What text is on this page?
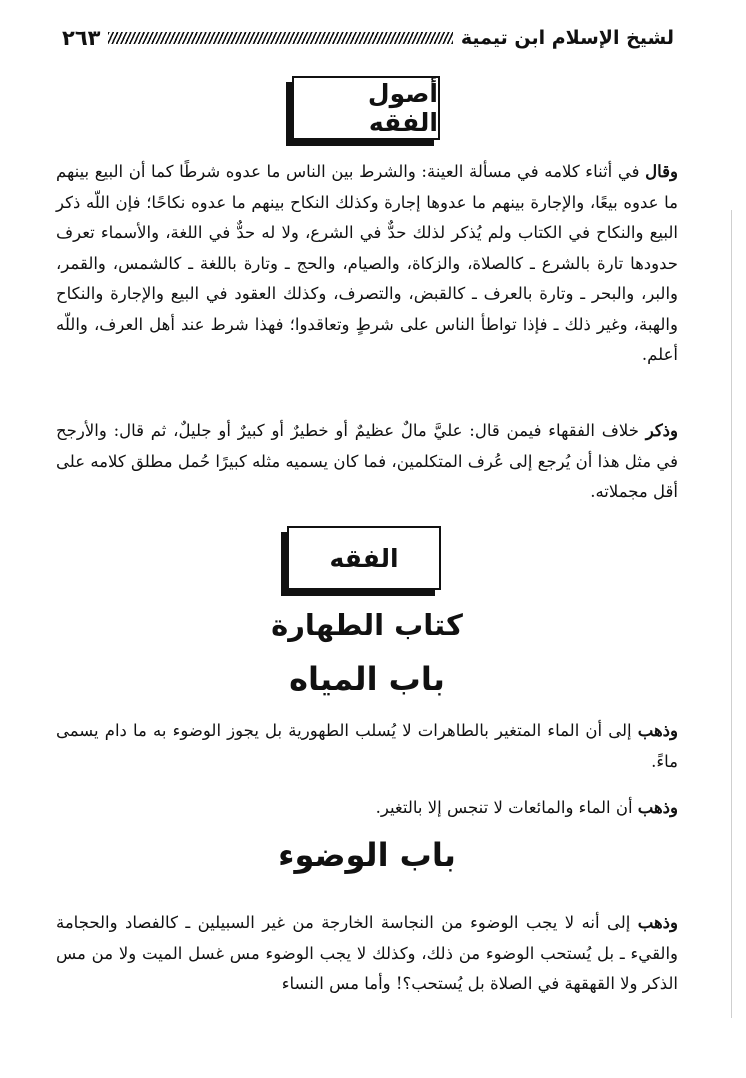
لشيخ الإسلام ابن تيمية
٢٦٣
أصول الفقه

وقال في أثناء كلامه في مسألة العينة: والشرط بين الناس ما عدوه شرطًا كما أن البيع بينهم ما عدوه بيعًا، والإجارة بينهم ما عدوها إجارة وكذلك النكاح بينهم ما عدوه نكاحًا؛ فإن اللّه ذكر البيع والنكاح في الكتاب ولم يُذكر لذلك حدٌّ في الشرع، ولا له حدٌّ في اللغة، والأسماء تعرف حدودها تارة بالشرع ـ كالصلاة، والزكاة، والصيام، والحج ـ وتارة باللغة ـ كالشمس، والقمر، والبر، والبحر ـ وتارة بالعرف ـ كالقبض، والتصرف، وكذلك العقود في البيع والإجارة والنكاح والهبة، وغير ذلك ـ فإذا تواطأ الناس على شرطٍ وتعاقدوا؛ فهذا شرط عند أهل العرف، واللّه أعلم.

وذكر خلاف الفقهاء فيمن قال: عليَّ مالٌ عظيمٌ أو خطيرٌ أو كبيرٌ أو جليلٌ، ثم قال: والأرجح في مثل هذا أن يُرجع إلى عُرف المتكلمين، فما كان يسميه مثله كبيرًا حُمل مطلق كلامه على أقل مجملاته.

الفقه
كتاب الطهارة
باب المياه

وذهب إلى أن الماء المتغير بالطاهرات لا يُسلب الطهورية بل يجوز الوضوء به ما دام يسمى ماءً.

وذهب أن الماء والمائعات لا تنجس إلا بالتغير.

باب الوضوء

وذهب إلى أنه لا يجب الوضوء من النجاسة الخارجة من غير السبيلين ـ كالفصاد والحجامة والقيء ـ بل يُستحب الوضوء من ذلك، وكذلك لا يجب الوضوء مس غسل الميت ولا من مس الذكر ولا القهقهة في الصلاة بل يُستحب؟! وأما مس النساء
